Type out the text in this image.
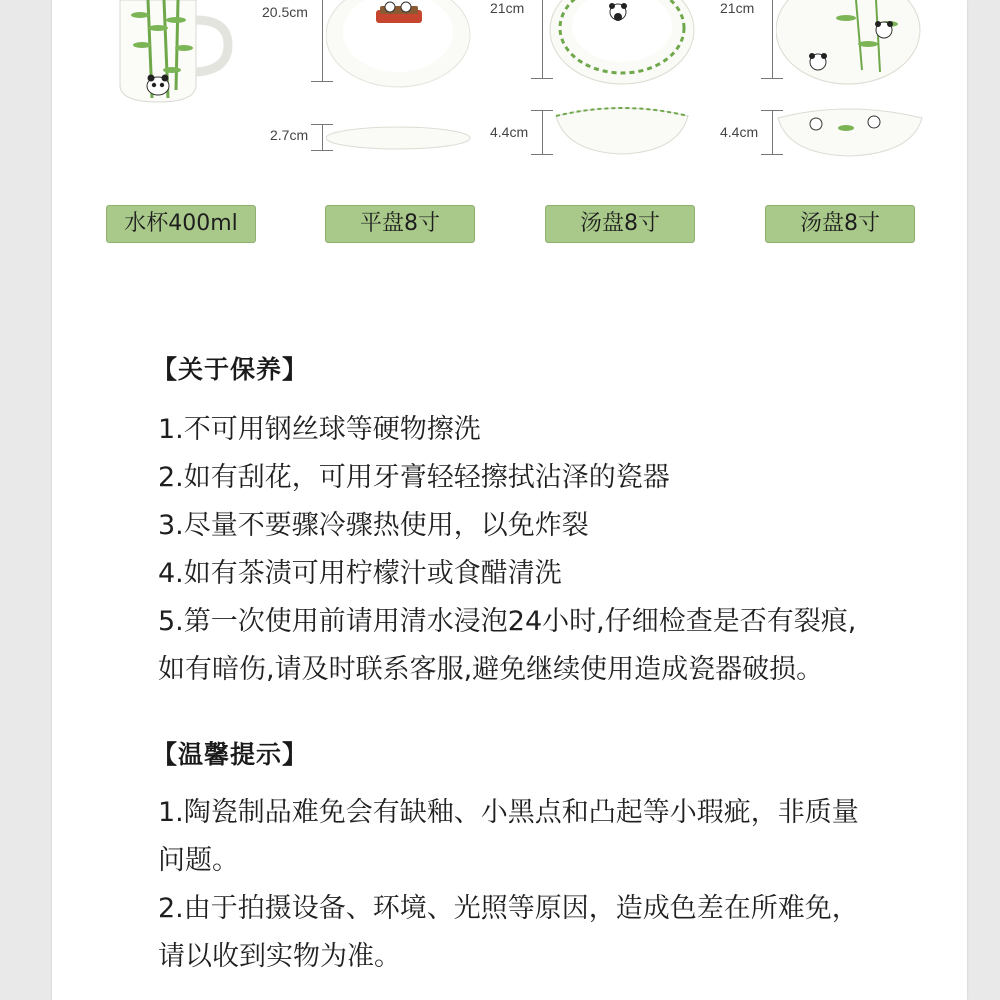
20.5cm
2.7cm
21cm
4.4cm
21cm
4.4cm
水杯400ml	平盘8寸	汤盘8寸	汤盘8寸
【关于保养】
1.不可用钢丝球等硬物擦洗
2.如有刮花，可用牙膏轻轻擦拭沾泽的瓷器
3.尽量不要骤冷骤热使用，以免炸裂
4.如有茶渍可用柠檬汁或食醋清洗
5.第一次使用前请用清水浸泡24小时,仔细检查是否有裂痕,
如有暗伤,请及时联系客服,避免继续使用造成瓷器破损。
【温馨提示】
1.陶瓷制品难免会有缺釉、小黑点和凸起等小瑕疵，非质量
问题。
2.由于拍摄设备、环境、光照等原因，造成色差在所难免，
请以收到实物为准。
